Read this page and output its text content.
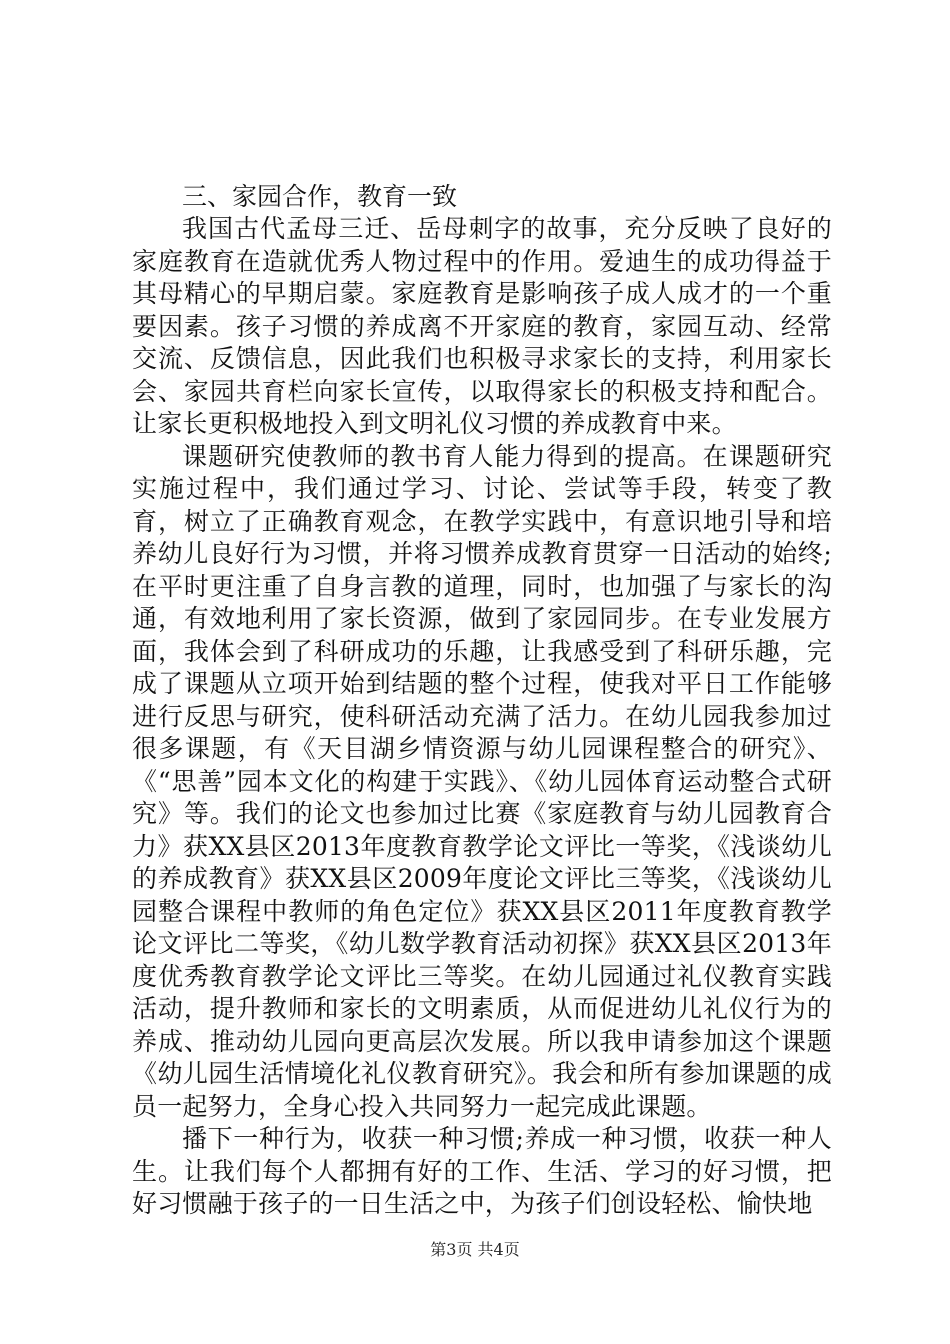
三、家园合作，教育一致

我国古代孟母三迁、岳母刺字的故事，充分反映了良好的家庭教育在造就优秀人物过程中的作用。爱迪生的成功得益于其母精心的早期启蒙。家庭教育是影响孩子成人成才的一个重要因素。孩子习惯的养成离不开家庭的教育，家园互动、经常交流、反馈信息，因此我们也积极寻求家长的支持，利用家长会、家园共育栏向家长宣传，以取得家长的积极支持和配合。让家长更积极地投入到文明礼仪习惯的养成教育中来。

课题研究使教师的教书育人能力得到的提高。在课题研究实施过程中，我们通过学习、讨论、尝试等手段，转变了教育，树立了正确教育观念，在教学实践中，有意识地引导和培养幼儿良好行为习惯，并将习惯养成教育贯穿一日活动的始终;在平时更注重了自身言教的道理，同时，也加强了与家长的沟通，有效地利用了家长资源，做到了家园同步。在专业发展方面，我体会到了科研成功的乐趣，让我感受到了科研乐趣，完成了课题从立项开始到结题的整个过程，使我对平日工作能够进行反思与研究，使科研活动充满了活力。在幼儿园我参加过很多课题，有《天目湖乡情资源与幼儿园课程整合的研究》、《“思善”园本文化的构建于实践》、《幼儿园体育运动整合式研究》等。我们的论文也参加过比赛《家庭教育与幼儿园教育合力》获XX县区2013年度教育教学论文评比一等奖，《浅谈幼儿的养成教育》获XX县区2009年度论文评比三等奖，《浅谈幼儿园整合课程中教师的角色定位》获XX县区2011年度教育教学论文评比二等奖，《幼儿数学教育活动初探》获XX县区2013年度优秀教育教学论文评比三等奖。在幼儿园通过礼仪教育实践活动，提升教师和家长的文明素质，从而促进幼儿礼仪行为的养成、推动幼儿园向更高层次发展。所以我申请参加这个课题《幼儿园生活情境化礼仪教育研究》。我会和所有参加课题的成员一起努力，全身心投入共同努力一起完成此课题。

播下一种行为，收获一种习惯;养成一种习惯，收获一种人生。让我们每个人都拥有好的工作、生活、学习的好习惯，把好习惯融于孩子的一日生活之中，为孩子们创设轻松、愉快地

第3页 共4页
